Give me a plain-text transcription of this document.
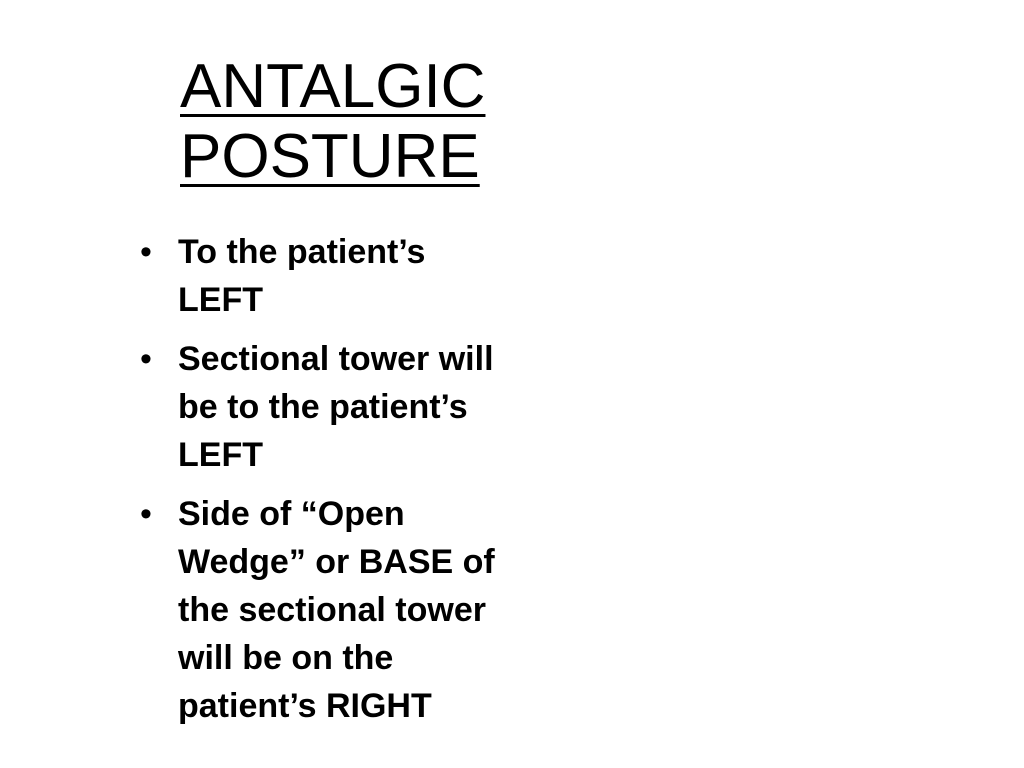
ANTALGIC
POSTURE
• To the patient’s
LEFT
• Sectional tower will
be to the patient’s
LEFT
• Side of “Open
Wedge” or BASE of
the sectional tower
will be on the
patient’s RIGHT
